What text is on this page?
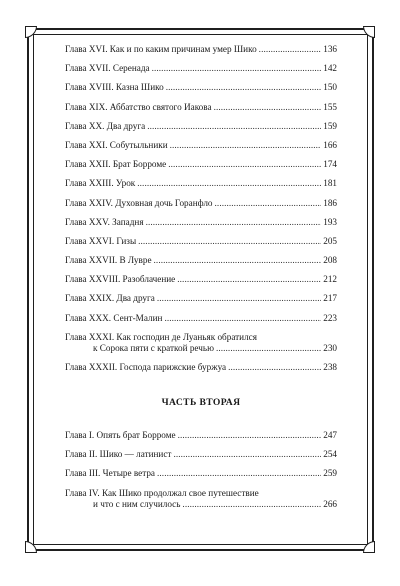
Глава XVI. Как и по каким причинам умер Шико . . .	136
Глава XVII. Серенада . . .	142
Глава XVIII. Казна Шико . . .	150
Глава XIX. Аббатство святого Иакова . . .	155
Глава XX. Два друга . . .	159
Глава XXI. Собутыльники . . .	166
Глава XXII. Брат Борроме . . .	174
Глава XXIII. Урок . . .	181
Глава XXIV. Духовная дочь Горанфло . . .	186
Глава XXV. Западня . . .	193
Глава XXVI. Гизы . . .	205
Глава XXVII. В Лувре . . .	208
Глава XXVIII. Разоблачение . . .	212
Глава XXIX. Два друга . . .	217
Глава XXX. Сент-Малин . . .	223
Глава XXXI. Как господин де Луаньяк обратился
к Сорока пяти с краткой речью . . .	230
Глава XXXII. Господа парижские буржуа . . .	238
ЧАСТЬ ВТОРАЯ
Глава I. Опять брат Борроме . . .	247
Глава II. Шико — латинист . . .	254
Глава III. Четыре ветра . . .	259
Глава IV. Как Шико продолжал свое путешествие
и что с ним случилось . . .	266
